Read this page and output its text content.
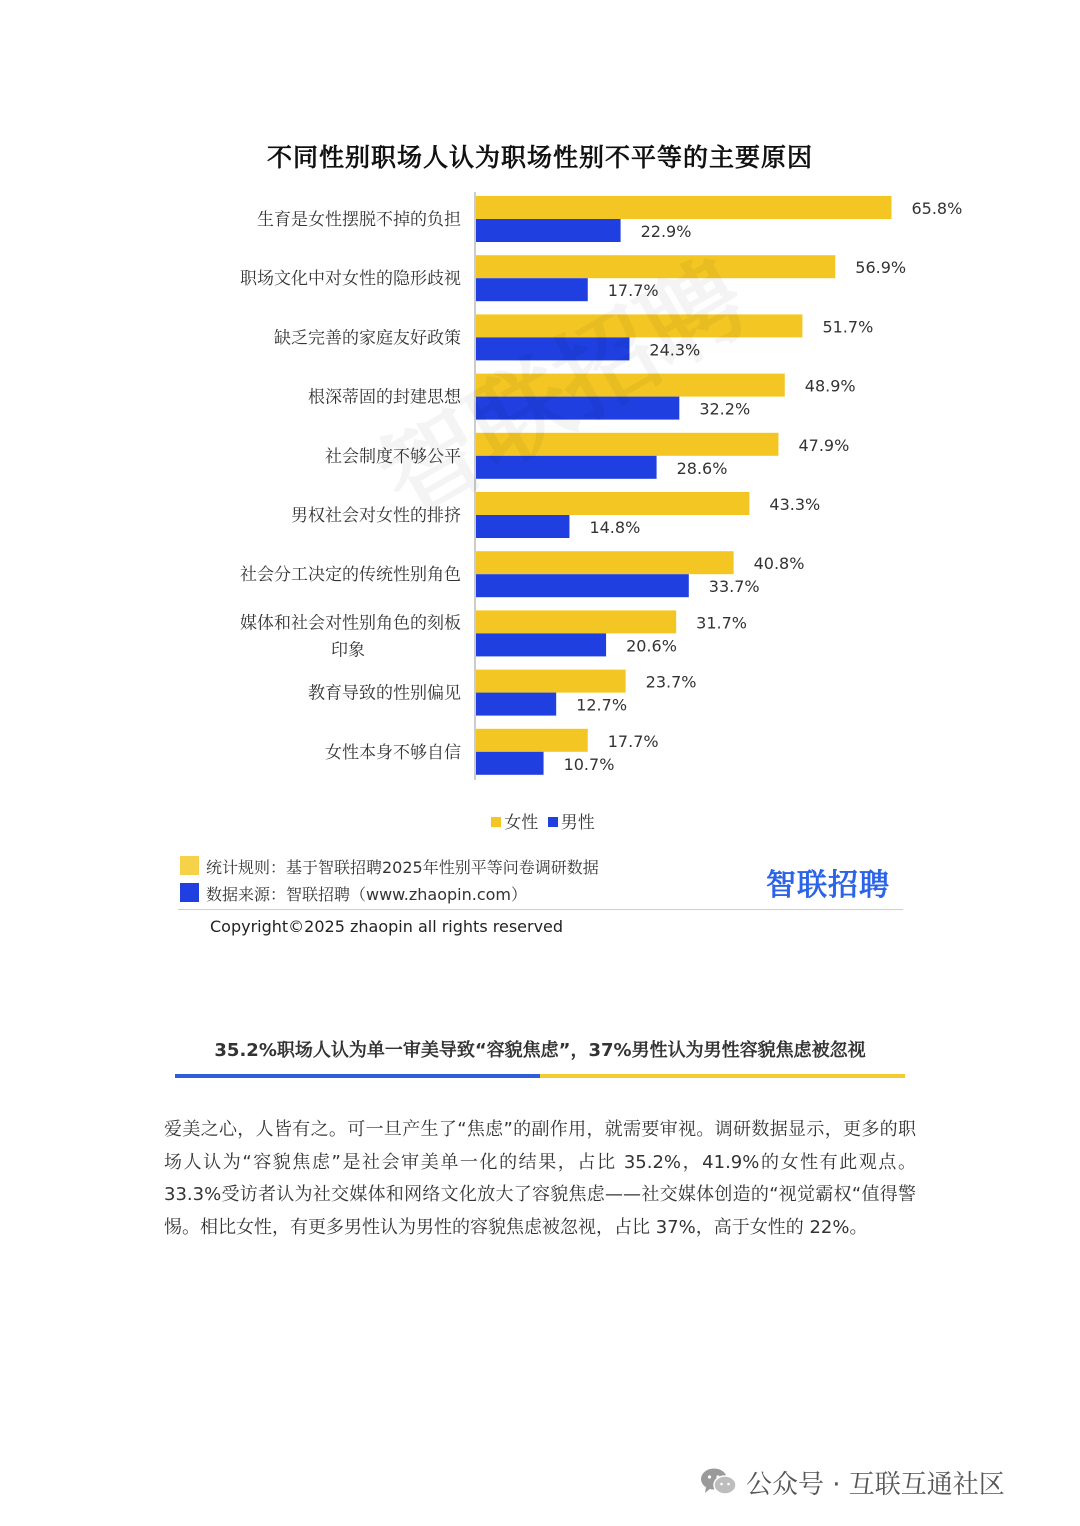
不同性别职场人认为职场性别不平等的主要原因
生育是女性摆脱不掉的负担
65.8%
22.9%
职场文化中对女性的隐形歧视
56.9%
17.7%
缺乏完善的家庭友好政策
51.7%
24.3%
根深蒂固的封建思想
48.9%
32.2%
社会制度不够公平
47.9%
28.6%
男权社会对女性的排挤
43.3%
14.8%
社会分工决定的传统性别角色
40.8%
33.7%
媒体和社会对性别角色的刻板印象
31.7%
20.6%
教育导致的性别偏见
23.7%
12.7%
女性本身不够自信
17.7%
10.7%
女性 男性
统计规则：基于智联招聘2025年性别平等问卷调研数据
数据来源：智联招聘（www.zhaopin.com）	智联招聘
Copyright©2025 zhaopin all rights reserved
35.2%职场人认为单一审美导致“容貌焦虑”，37%男性认为男性容貌焦虑被忽视
爱美之心，人皆有之。可一旦产生了“焦虑”的副作用，就需要审视。调研数据显示，更多的职场人认为“容貌焦虑”是社会审美单一化的结果，占比 35.2%，41.9%的女性有此观点。33.3%受访者认为社交媒体和网络文化放大了容貌焦虑——社交媒体创造的“视觉霸权“值得警惕。相比女性，有更多男性认为男性的容貌焦虑被忽视，占比 37%，高于女性的 22%。
公众号 · 互联互通社区
